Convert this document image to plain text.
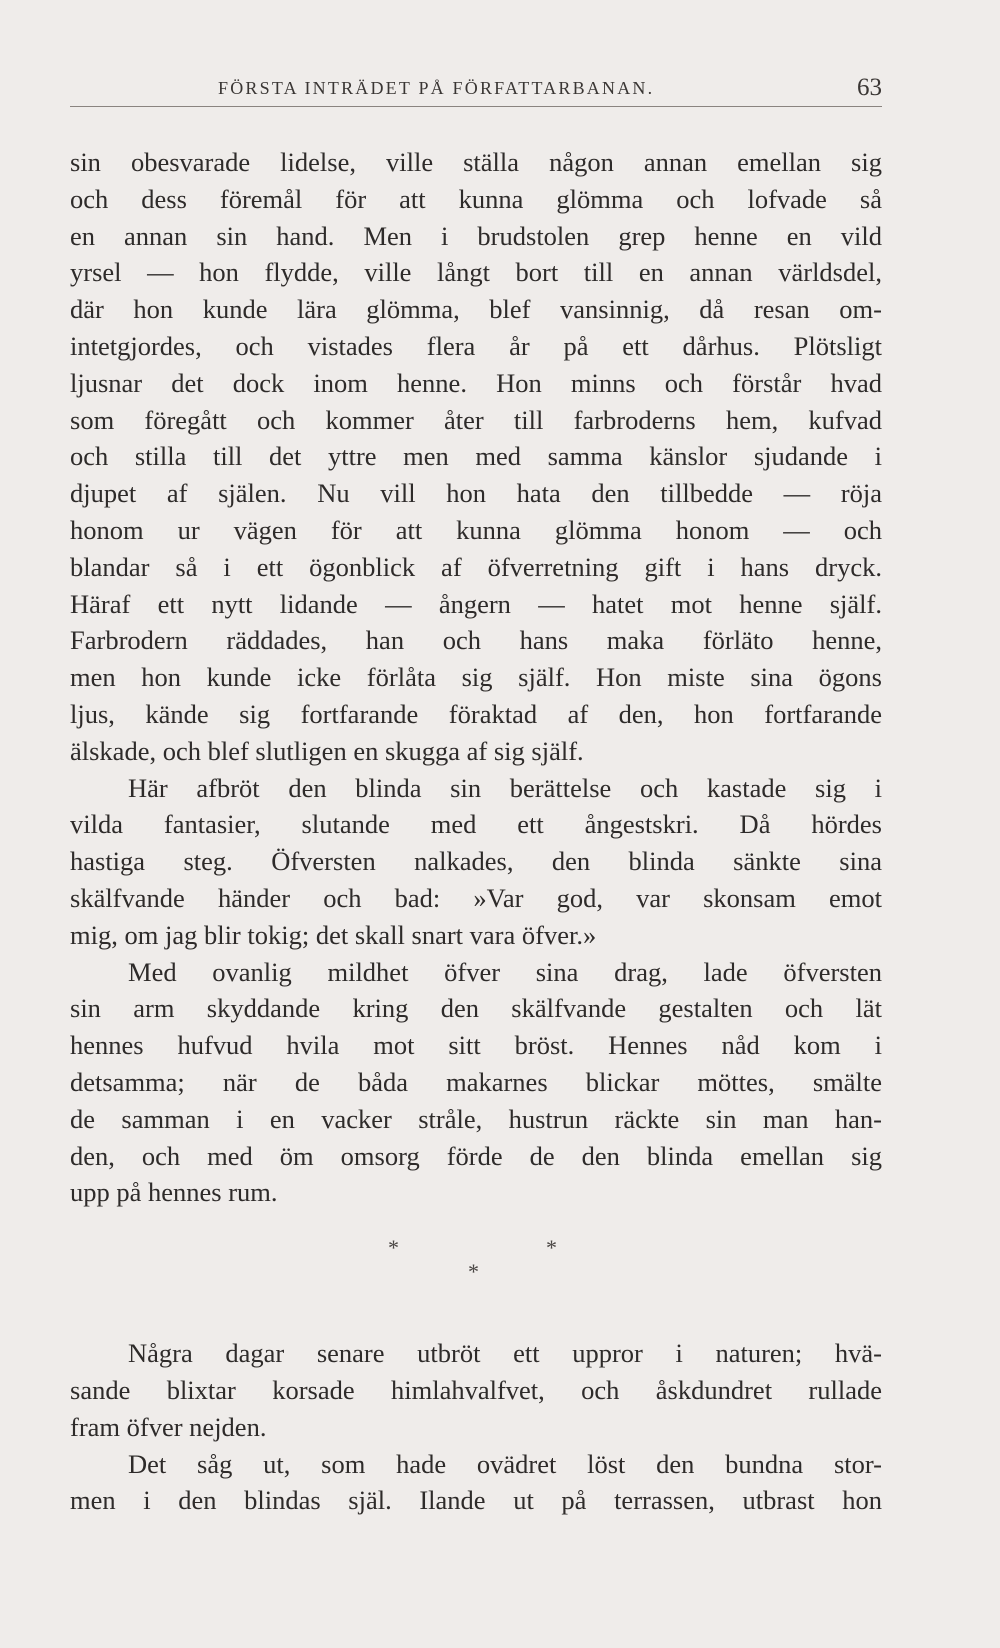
FÖRSTA INTRÄDET PÅ FÖRFATTARBANAN.	63
sin obesvarade lidelse, ville ställa någon annan emellan sig
och dess föremål för att kunna glömma och lofvade så
en annan sin hand. Men i brudstolen grep henne en vild
yrsel — hon flydde, ville långt bort till en annan världsdel,
där hon kunde lära glömma, blef vansinnig, då resan om-
intetgjordes, och vistades flera år på ett dårhus. Plötsligt
ljusnar det dock inom henne. Hon minns och förstår hvad
som föregått och kommer åter till farbroderns hem, kufvad
och stilla till det yttre men med samma känslor sjudande i
djupet af själen. Nu vill hon hata den tillbedde — röja
honom ur vägen för att kunna glömma honom — och
blandar så i ett ögonblick af öfverretning gift i hans dryck.
Häraf ett nytt lidande — ångern — hatet mot henne själf.
Farbrodern räddades, han och hans maka förläto henne,
men hon kunde icke förlåta sig själf. Hon miste sina ögons
ljus, kände sig fortfarande föraktad af den, hon fortfarande
älskade, och blef slutligen en skugga af sig själf.
Här afbröt den blinda sin berättelse och kastade sig i
vilda fantasier, slutande med ett ångestskri. Då hördes
hastiga steg. Öfversten nalkades, den blinda sänkte sina
skälfvande händer och bad: »Var god, var skonsam emot
mig, om jag blir tokig; det skall snart vara öfver.»
Med ovanlig mildhet öfver sina drag, lade öfversten
sin arm skyddande kring den skälfvande gestalten och lät
hennes hufvud hvila mot sitt bröst. Hennes nåd kom i
detsamma; när de båda makarnes blickar möttes, smälte
de samman i en vacker stråle, hustrun räckte sin man han-
den, och med öm omsorg förde de den blinda emellan sig
upp på hennes rum.
*
*
*
Några dagar senare utbröt ett uppror i naturen; hvä-
sande blixtar korsade himlahvalfvet, och åskdundret rullade
fram öfver nejden.
Det såg ut, som hade ovädret löst den bundna stor-
men i den blindas själ. Ilande ut på terrassen, utbrast hon
